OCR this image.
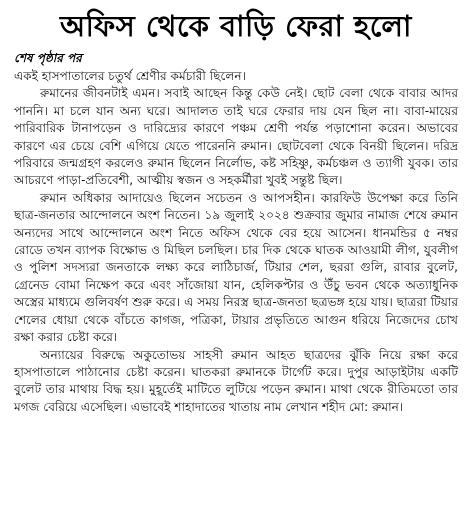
অফিস থেকে বাড়ি ফেরা হলো
শেষ পৃষ্ঠার পর

একই হাসপাতালের চতুর্থ শ্রেণীর কর্মচারী ছিলেন।

রুমানের জীবনটাই এমন। সবাই আছেন কিন্তু কেউ নেই। ছোট বেলা থেকে বাবার আদর পাননি। মা চলে যান অন্য ঘরে। আদালত তাই ঘরে ফেরার দায় যেন ছিল না। বাবা-মায়ের পারিবারিক টানাপড়েন ও দারিদ্র্যের কারণে পঞ্চম শ্রেণী পর্যন্ত পড়াশোনা করেন। অভাবের কারণে এর চেয়ে বেশি এগিয়ে যেতে পারেননি রুমান। ছোটবেলা থেকে বিনয়ী ছিলেন। দরিদ্র পরিবারে জন্মগ্রহণ করলেও রুমান ছিলেন নির্লোভ, কষ্ট সহিষ্ণু, কর্মচঞ্চল ও ত্যাগী যুবক। তার আচরণে পাড়া-প্রতিবেশী, আত্মীয় স্বজন ও সহকর্মীরা খুবই সন্তুষ্ট ছিল।

রুমান অধিকার আদায়েও ছিলেন সচেতন ও আপসহীন। কারফিউ উপেক্ষা করে তিনি ছাত্র-জনতার আন্দোলনে অংশ নিতেন। ১৯ জুলাই ২০২৪ শুক্রবার জুমার নামাজ শেষে রুমান অন্যদের সাথে আন্দোলনে অংশ নিতে অফিস থেকে বের হয়ে আসেন। ধানমন্ডির ৫ নম্বর রোডে তখন ব্যাপক বিক্ষোভ ও মিছিল চলছিল। চার দিক থেকে ঘাতক আওয়ামী লীগ, যুবলীগ ও পুলিশ সদস্যরা জনতাকে লক্ষ্য করে লাঠিচার্জ, টিয়ার শেল, ছররা গুলি, রাবার বুলেট, গ্রেনেড বোমা নিক্ষেপ করে এবং সাঁজোয়া যান, হেলিকপ্টার ও উঁচু ভবন থেকে অত্যাধুনিক অস্ত্রের মাধ্যমে গুলিবর্ষণ শুরু করে। এ সময় নিরস্ত্র ছাত্র-জনতা ছত্রভঙ্গ হয়ে যায়। ছাত্ররা টিয়ার শেলের ধোয়া থেকে বাঁচতে কাগজ, পত্রিকা, টায়ার প্রভৃতিতে আগুন ধরিয়ে নিজেদের চোখ রক্ষা করার চেষ্টা করে।

অন্যায়ের বিরুদ্ধে অকুতোভয় সাহসী রুমান আহত ছাত্রদের ঝুঁকি নিয়ে রক্ষা করে হাসপাতালে পাঠানোর চেষ্টা করেন। ঘাতকরা রুমানকে টার্গেট করে। দুপুর আড়াইটায় একটি বুলেট তার মাথায় বিদ্ধ হয়। মুহূর্তেই মাটিতে লুটিয়ে পড়েন রুমান। মাথা থেকে রীতিমতো তার মগজ বেরিয়ে এসেছিল। এভাবেই শাহাদাতের খাতায় নাম লেখান শহীদ মো: রুমান।
